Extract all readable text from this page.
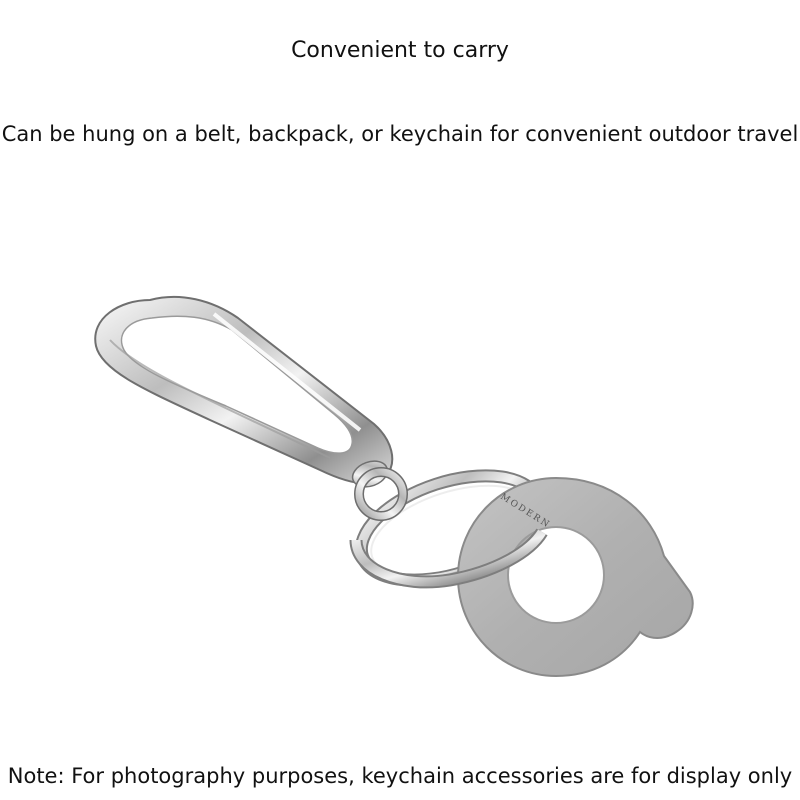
Convenient to carry

Can be hung on a belt, backpack, or keychain for convenient outdoor travel

MODERN

Note: For photography purposes, keychain accessories are for display only
